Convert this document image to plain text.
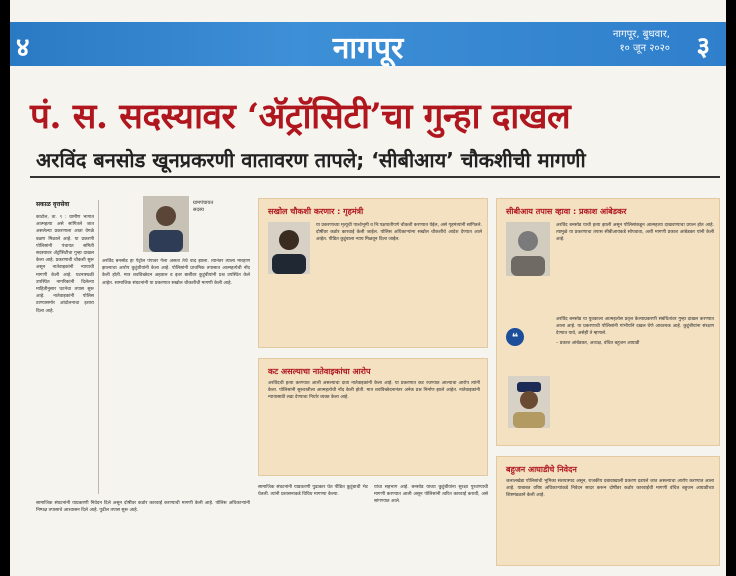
४	नागपूर	नागपूर, बुधवार,
१० जून २०२० ३
पं. स. सदस्यावर ‘अ‍ॅट्रॉसिटी’चा गुन्हा दाखल
अरविंद बनसोड खूनप्रकरणी वातावरण तापले; ‘सीबीआय’ चौकशीची मागणी
सकाळ वृत्तसेवा

काटोल, ता. ९ : ग्रामीण भागात आत्महत्या असे सांगितले जात असलेल्या प्रकरणाला आता वेगळे वळण मिळाले आहे. या प्रकरणी पोलिसांनी पंचायत समिती सदस्यावर अ‍ॅट्रॉसिटीचा गुन्हा दाखल केला आहे. प्रकरणाची चौकशी सुरू असून नातेवाइकांनी न्यायाची मागणी केली आहे. घटनास्थळी उपस्थित नागरिकांनी दिलेल्या माहितीनुसार घटनेचा तपास सुरू आहे. नातेवाइकांनी पोलिस ठाण्यासमोर आंदोलनाचा इशारा दिला आहे.

ग्रामपंचायत
सदस्य

अरविंद बनसोड हा पेट्रोल पंपावर गेला असता तेथे वाद झाला. त्यानंतर त्याला मारहाण झाल्याचा आरोप कुटुंबीयांनी केला आहे. पोलिसांनी प्राथमिक तपासात आत्महत्येची नोंद केली होती. मात्र शवविच्छेदन अहवाल व इतर बाबींवर कुटुंबीयांनी प्रश्न उपस्थित केले आहेत. सामाजिक संघटनांनी या प्रकरणात सखोल चौकशीची मागणी केली आहे.

सखोल चौकशी करणार : गृहमंत्री

या प्रकरणाच्या मृत्यूची पार्श्वभूमी व नि:पक्षपातीपणे चौकशी करण्यात येईल, असे गृहमंत्र्यांनी सांगितले. दोषींवर कठोर कारवाई केली जाईल. पोलिस अधिकाऱ्यांना सखोल चौकशीचे आदेश देण्यात आले आहेत. पीडित कुटुंबाला न्याय मिळवून दिला जाईल.

कट असल्याचा नातेवाइकांचा आरोप

अरविंदची हत्या करण्यात आली असल्याचा दावा नातेवाइकांनी केला आहे. या प्रकरणात कट रचण्यात आल्याचा आरोप त्यांनी केला. पोलिसांनी सुरुवातीला आत्महत्येची नोंद केली होती. मात्र शवविच्छेदनानंतर अनेक प्रश्न निर्माण झाले आहेत. नातेवाइकांनी न्यायासाठी लढा देण्याचा निर्धार व्यक्त केला आहे.

सीबीआय तपास व्हावा : प्रकाश आंबेडकर

अरविंद बनसोड याची हत्या झाली असून पोलिसांकडून आत्महत्या दाखवण्याचा प्रयत्न होत आहे. त्यामुळे या प्रकरणाचा तपास सीबीआयकडे सोपवावा, अशी मागणी प्रकाश आंबेडकर यांनी केली आहे.

❝

अरविंद बनसोड या युवकाला आत्महत्येस प्रवृत्त केल्याप्रकरणी संबंधितांवर गुन्हा दाखल करण्यात आला आहे. या प्रकरणाची पोलिसांनी गांभीर्याने दखल घेणे आवश्यक आहे. कुटुंबीयांना संरक्षण देण्यात यावे, असेही ते म्हणाले.

– प्रकाश आंबेडकर, अध्यक्ष, वंचित बहुजन आघाडी

बहुजन आघाडीचे निवेदन

जलालखेडा पोलिसांची भूमिका संशयास्पद असून, राजकीय दबावाखाली प्रकरण दडपले जात असल्याचा आरोप करण्यात आला आहे. याबाबत वरिष्ठ अधिकाऱ्यांकडे निवेदन सादर करून दोषींवर कठोर कारवाईची मागणी वंचित बहुजन आघाडीच्या शिष्टमंडळाने केली आहे.

सामाजिक संघटनांनी याप्रकरणी निवेदन दिले असून दोषींवर कठोर कारवाई करण्याची मागणी केली आहे. पोलिस अधिकाऱ्यांनी निष्पक्ष तपासाचे आश्वासन दिले आहे. पुढील तपास सुरू आहे.

सामाजिक संघटनांनी याप्रकरणी पुढाकार घेत पीडित कुटुंबाची भेट घेतली. त्यांनी प्रशासनाकडे विविध मागण्या केल्या.

यांचा सहभाग आहे. बनसोड याच्या कुटुंबीयांना सुरक्षा पुरवण्याची मागणी करण्यात आली असून पोलिसांनी त्वरित कारवाई करावी, असे सांगण्यात आले.
